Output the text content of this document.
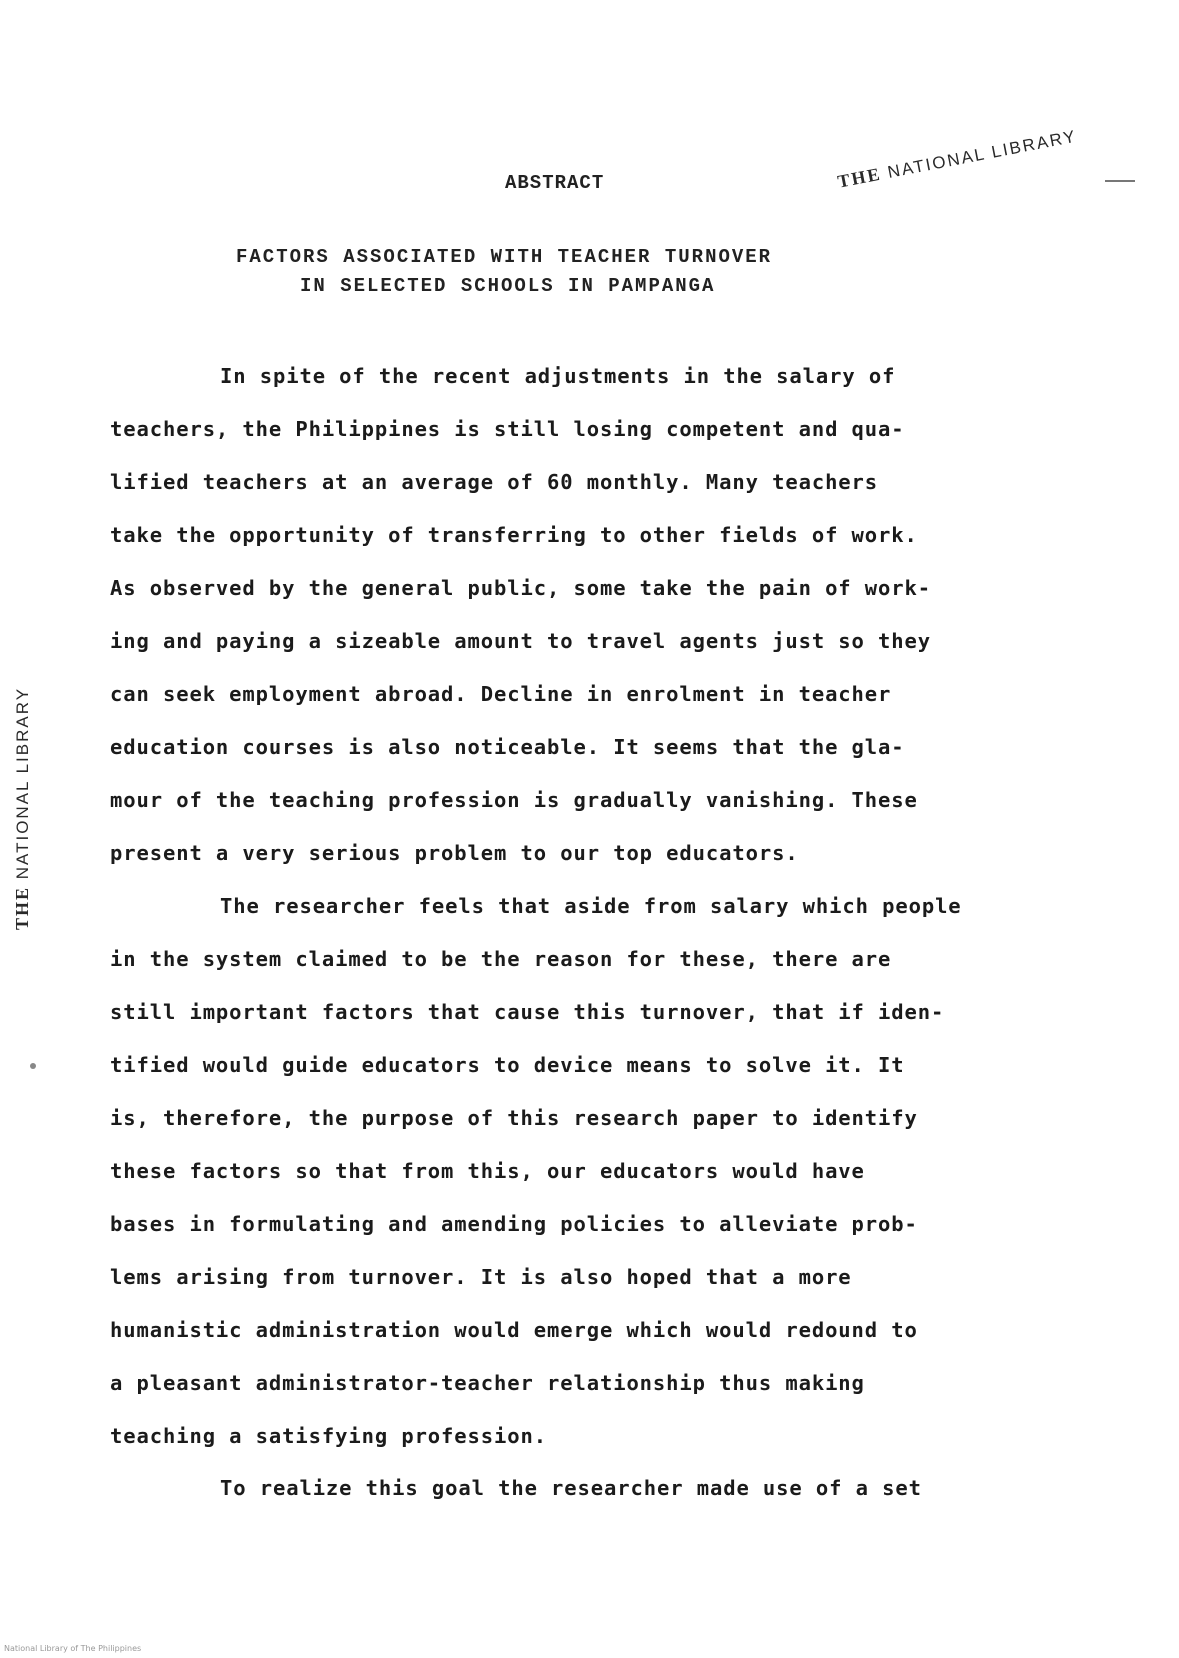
ABSTRACT	THE NATIONAL LIBRARY
FACTORS ASSOCIATED WITH TEACHER TURNOVER
IN SELECTED SCHOOLS IN PAMPANGA
THE NATIONAL LIBRARY
In spite of the recent adjustments in the salary of
teachers, the Philippines is still losing competent and qua-
lified teachers at an average of 60 monthly. Many teachers
take the opportunity of transferring to other fields of work.
As observed by the general public, some take the pain of work-
ing and paying a sizeable amount to travel agents just so they
can seek employment abroad. Decline in enrolment in teacher
education courses is also noticeable. It seems that the gla-
mour of the teaching profession is gradually vanishing. These
present a very serious problem to our top educators.
The researcher feels that aside from salary which people
in the system claimed to be the reason for these, there are
still important factors that cause this turnover, that if iden-
tified would guide educators to device means to solve it. It
is, therefore, the purpose of this research paper to identify
these factors so that from this, our educators would have
bases in formulating and amending policies to alleviate prob-
lems arising from turnover. It is also hoped that a more
humanistic administration would emerge which would redound to
a pleasant administrator-teacher relationship thus making
teaching a satisfying profession.
To realize this goal the researcher made use of a set
National Library of The Philippines
